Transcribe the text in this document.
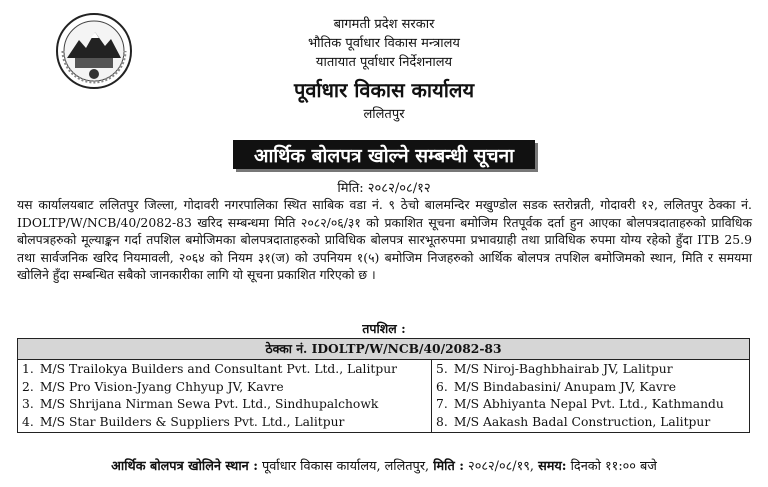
बागमती प्रदेश सरकार
भौतिक पूर्वाधार विकास मन्त्रालय
यातायात पूर्वाधार निर्देशनालय
पूर्वाधार विकास कार्यालय
ललितपुर
आर्थिक बोलपत्र खोल्ने सम्बन्धी सूचना
मिति: २०८२/०८/१२
यस कार्यालयबाट ललितपुर जिल्ला, गोदावरी नगरपालिका स्थित साबिक वडा नं. ९ ठेचो बालमन्दिर मखुण्डोल सडक स्तरोन्नती, गोदावरी १२, ललितपुर ठेक्का नं. IDOLTP/W/NCB/40/2082-83 खरिद सम्बन्धमा मिति २०८२/०६/३१ को प्रकाशित सूचना बमोजिम रितपूर्वक दर्ता हुन आएका बोलपत्रदाताहरुको प्राविधिक बोलपत्रहरुको मूल्याङ्कन गर्दा तपशिल बमोजिमका बोलपत्रदाताहरुको प्राविधिक बोलपत्र सारभूतरुपमा प्रभावग्राही तथा प्राविधिक रुपमा योग्य रहेको हुँदा ITB 25.9 तथा सार्वजनिक खरिद नियमावली, २०६४ को नियम ३१(ज) को उपनियम १(५) बमोजिम निजहरुको आर्थिक बोलपत्र तपशिल बमोजिमको स्थान, मिति र समयमा खोलिने हुँदा सम्बन्धित सबैको जानकारीका लागि यो सूचना प्रकाशित गरिएको छ ।
तपशिल :
ठेक्का नं. IDOLTP/W/NCB/40/2082-83

1. M/S Trailokya Builders and Consultant Pvt. Ltd., Lalitpur
2. M/S Pro Vision-Jyang Chhyup JV, Kavre
3. M/S Shrijana Nirman Sewa Pvt. Ltd., Sindhupalchowk
4. M/S Star Builders & Suppliers Pvt. Ltd., Lalitpur

5. M/S Niroj-Baghbhairab JV, Lalitpur
6. M/S Bindabasini/ Anupam JV, Kavre
7. M/S Abhiyanta Nepal Pvt. Ltd., Kathmandu
8. M/S Aakash Badal Construction, Lalitpur
आर्थिक बोलपत्र खोलिने स्थान : पूर्वाधार विकास कार्यालय, ललितपुर, मिति : २०८२/०८/१९, समय: दिनको ११:०० बजे
